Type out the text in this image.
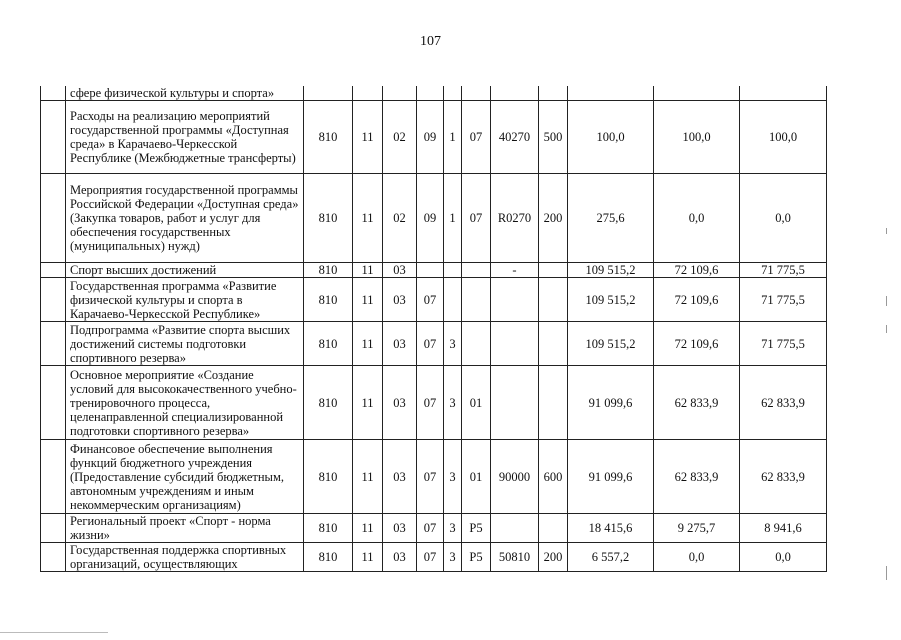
107
	сфере физической культуры и спорта»											
	Расходы на реализацию мероприятий государственной программы «Доступная среда» в Карачаево-Черкесской Республике (Межбюджетные трансферты)	810	11	02	09	1	07	40270	500	100,0	100,0	100,0
	Мероприятия государственной программы Российской Федерации «Доступная среда» (Закупка товаров, работ и услуг для обеспечения государственных (муниципальных) нужд)	810	11	02	09	1	07	R0270	200	275,6	0,0	0,0
	Спорт высших достижений	810	11	03				-		109 515,2	72 109,6	71 775,5
	Государственная программа «Развитие физической культуры и спорта в Карачаево-Черкесской Республике»	810	11	03	07					109 515,2	72 109,6	71 775,5
	Подпрограмма «Развитие спорта высших достижений системы подготовки спортивного резерва»	810	11	03	07	3				109 515,2	72 109,6	71 775,5
	Основное мероприятие «Создание условий для высококачественного учебно-тренировочного процесса, целенаправленной специализированной подготовки спортивного резерва»	810	11	03	07	3	01			91 099,6	62 833,9	62 833,9
	Финансовое обеспечение выполнения функций бюджетного учреждения (Предоставление субсидий бюджетным, автономным учреждениям и иным некоммерческим организациям)	810	11	03	07	3	01	90000	600	91 099,6	62 833,9	62 833,9
	Региональный проект «Спорт - норма жизни»	810	11	03	07	3	P5			18 415,6	9 275,7	8 941,6
	Государственная поддержка спортивных организаций, осуществляющих	810	11	03	07	3	P5	50810	200	6 557,2	0,0	0,0
